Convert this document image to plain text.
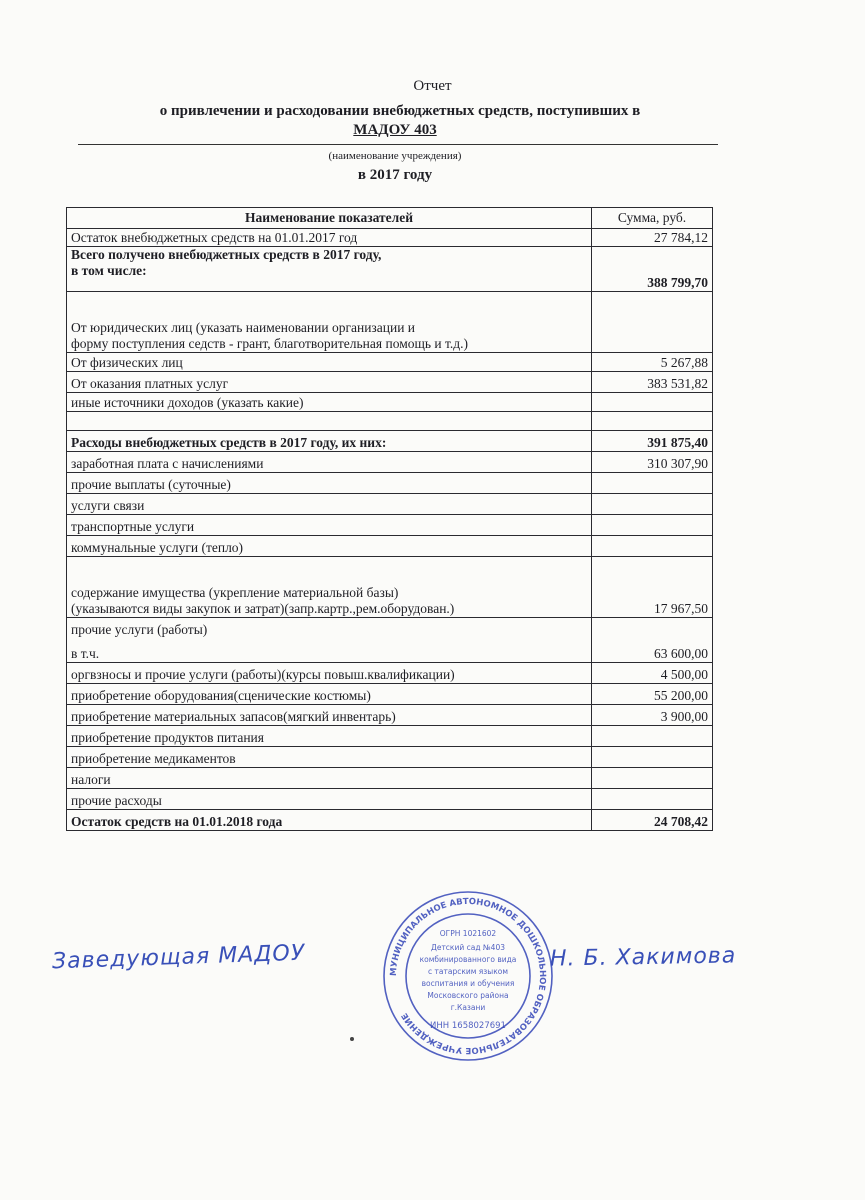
Отчет
о привлечении и расходовании внебюджетных средств, поступивших в
МАДОУ 403
(наименование учреждения)
в 2017 году
Наименование показателей	Сумма, руб.
Остаток внебюджетных средств на 01.01.2017 год	27 784,12

Всего получено внебюджетных средств в 2017 году,
в том числе:	388 799,70

От юридических лиц (указать наименовании организации и
форму поступления седств - грант, благотворительная помощь и т.д.)	

От физических лиц	5 267,88
От оказания платных услуг	383 531,82
иные источники доходов (указать какие)	

Расходы внебюджетных средств в 2017 году, их них:	391 875,40
заработная плата с начислениями	310 307,90
прочие выплаты (суточные)	
услуги связи	
транспортные услуги	
коммунальные услуги (тепло)	

содержание имущества (укрепление материальной базы)
(указываются виды закупок и затрат)(запр.картр.,рем.оборудован.)	17 967,50

прочие услуги (работы)
в т.ч.	63 600,00
оргвзносы и прочие услуги (работы)(курсы повыш.квалификации)	4 500,00
приобретение оборудования(сценические костюмы)	55 200,00
приобретение материальных запасов(мягкий инвентарь)	3 900,00
приобретение продуктов питания	
приобретение медикаментов	
налоги	
прочие расходы	
Остаток средств на 01.01.2018 года	24 708,42
Заведующая МАДОУ	Н. Б. Хакимова
МУНИЦИПАЛЬНОЕ АВТОНОМНОЕ ДОШКОЛЬНОЕ ОБРАЗОВАТЕЛЬНОЕ УЧРЕЖДЕНИЕ
ОГРН 1021602
Детский сад №403
комбинированного вида
с татарским языком
воспитания и обучения
Московского района
г.Казани
ИНН 1658027691
